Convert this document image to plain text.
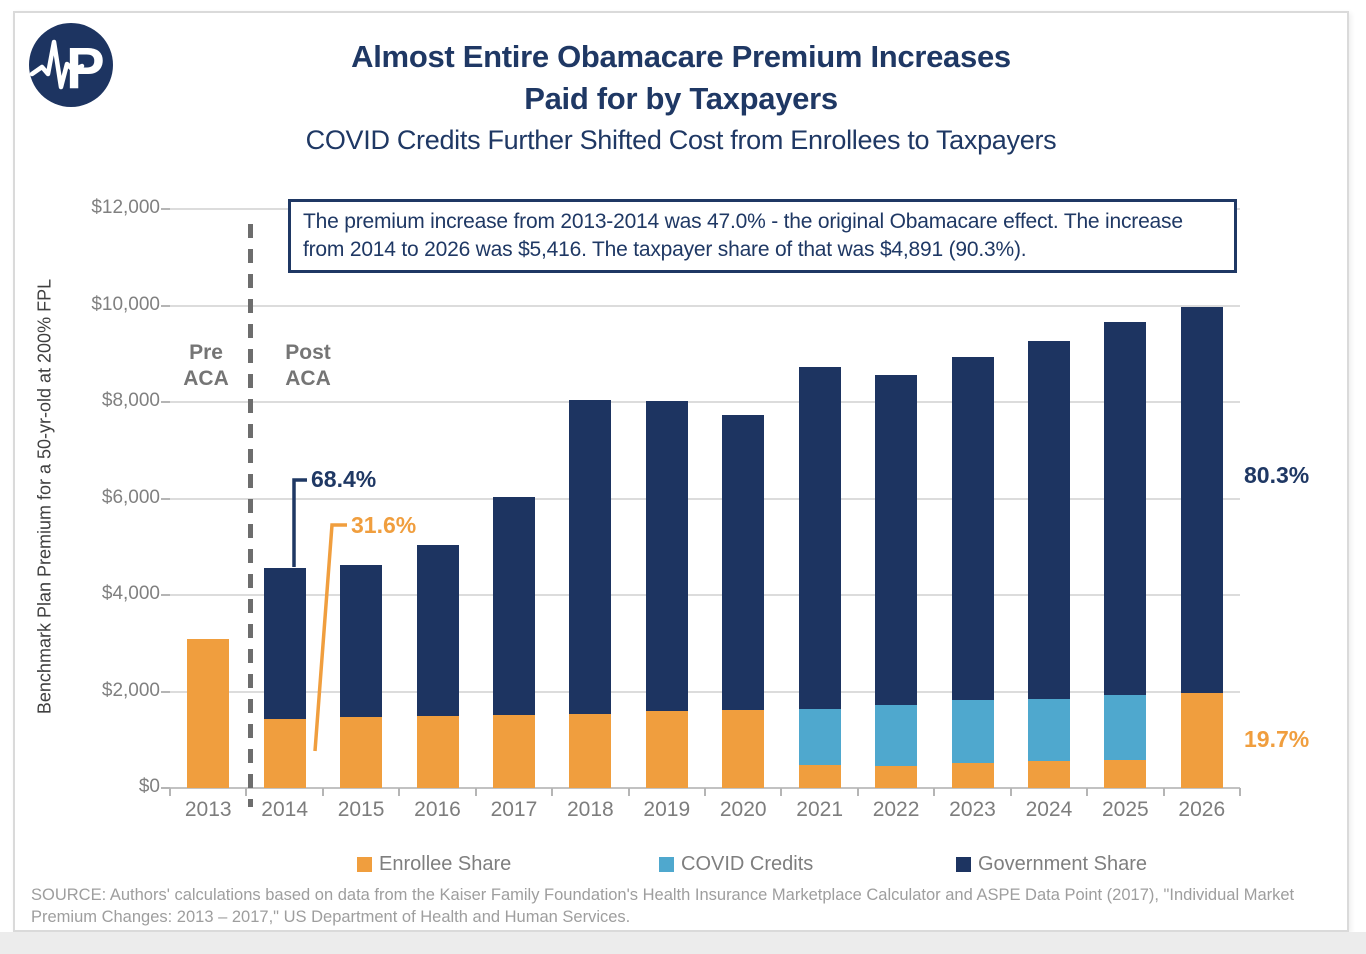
P	Almost Entire Obamacare Premium Increases
Paid for by Taxpayers
COVID Credits Further Shifted Cost from Enrollees to Taxpayers
Benchmark Plan Premium for a 50-yr-old at 200% FPL
2013	2014	2015	2016	2017	2018	2019	2020	2021	2022	2023	2024	2025	2026
$0
$2,000
$4,000
$6,000
$8,000
$10,000
$12,000
Pre
ACA
Post
ACA
The premium increase from 2013-2014 was 47.0% - the original Obamacare effect. The increase from 2014 to 2026 was $5,416. The taxpayer share of that was $4,891 (90.3%).
68.4%
31.6%
80.3%
19.7%
Enrollee Share	COVID Credits	Government Share
SOURCE: Authors' calculations based on data from the Kaiser Family Foundation's Health Insurance Marketplace Calculator and ASPE Data Point (2017), "Individual Market Premium Changes: 2013 – 2017," US Department of Health and Human Services.
